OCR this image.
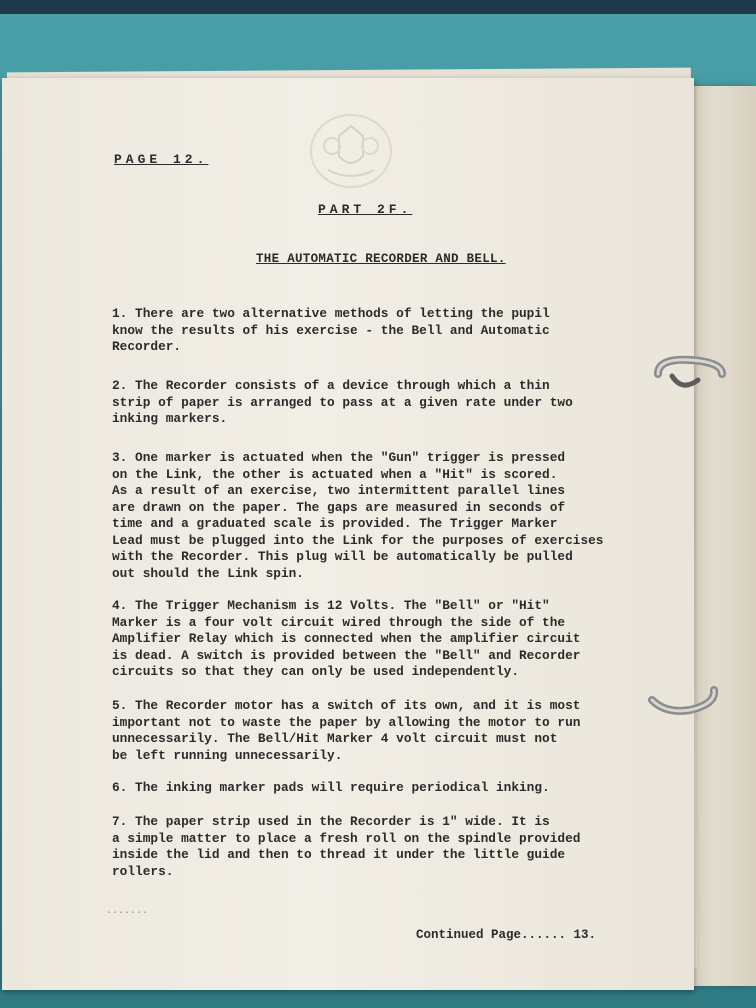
PAGE 12.
PART 2F.
THE AUTOMATIC RECORDER AND BELL.
1. There are two alternative methods of letting the pupil
know the results of his exercise - the Bell and Automatic
Recorder.
2. The Recorder consists of a device through which a thin
strip of paper is arranged to pass at a given rate under two
inking markers.
3. One marker is actuated when the "Gun" trigger is pressed
on the Link, the other is actuated when a "Hit" is scored.
As a result of an exercise, two intermittent parallel lines
are drawn on the paper. The gaps are measured in seconds of
time and a graduated scale is provided. The Trigger Marker
Lead must be plugged into the Link for the purposes of exercises
with the Recorder. This plug will be automatically be pulled
out should the Link spin.
4. The Trigger Mechanism is 12 Volts. The "Bell" or "Hit"
Marker is a four volt circuit wired through the side of the
Amplifier Relay which is connected when the amplifier circuit
is dead. A switch is provided between the "Bell" and Recorder
circuits so that they can only be used independently.
5. The Recorder motor has a switch of its own, and it is most
important not to waste the paper by allowing the motor to run
unnecessarily. The Bell/Hit Marker 4 volt circuit must not
be left running unnecessarily.
6. The inking marker pads will require periodical inking.
7. The paper strip used in the Recorder is 1" wide. It is
a simple matter to place a fresh roll on the spindle provided
inside the lid and then to thread it under the little guide
rollers.
.......
Continued Page...... 13.
